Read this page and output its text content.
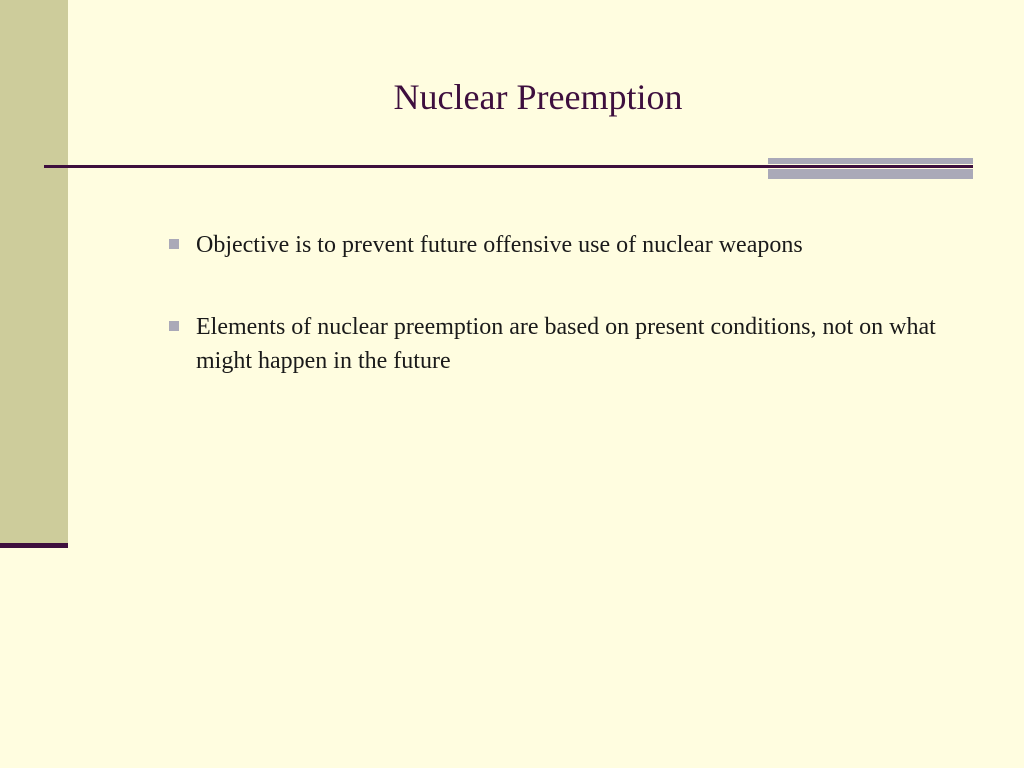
Nuclear Preemption
Objective is to prevent future offensive use of nuclear weapons
Elements of nuclear preemption are based on present conditions, not on what might happen in the future
